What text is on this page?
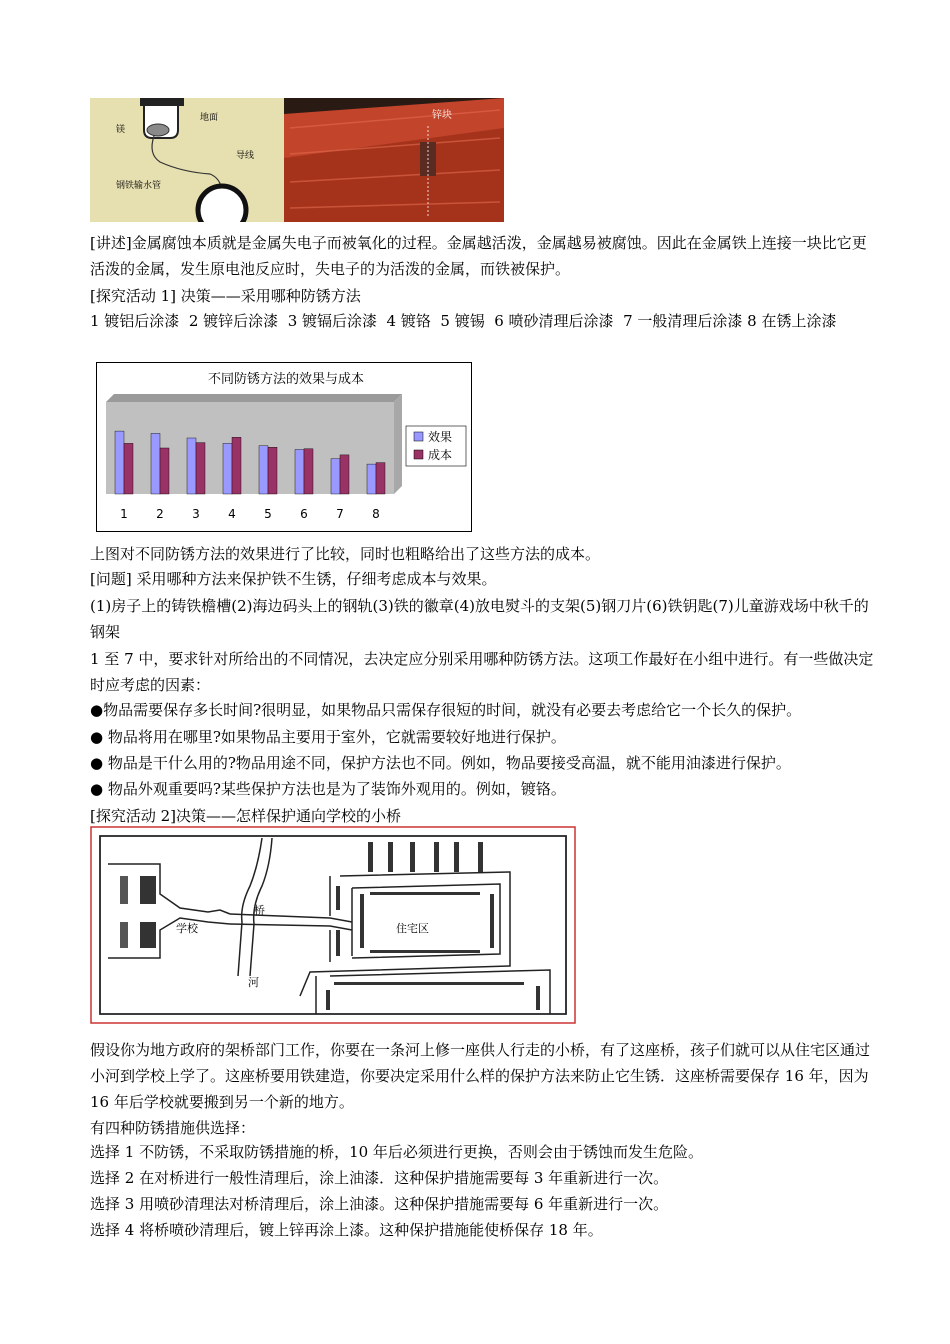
镁
地面
导线
钢铁输水管
锌块
[讲述]金属腐蚀本质就是金属失电子而被氧化的过程。金属越活泼，金属越易被腐蚀。因此在金属铁上连接一块比它更活泼的金属，发生原电池反应时，失电子的为活泼的金属，而铁被保护。
[探究活动 1] 决策——采用哪种防锈方法
1 镀铝后涂漆  2 镀锌后涂漆  3 镀镉后涂漆  4 镀铬  5 镀锡  6 喷砂清理后涂漆  7 一般清理后涂漆 8 在锈上涂漆
不同防锈方法的效果与成本
1 2 3 4 5 6 7 8
效果
成本
上图对不同防锈方法的效果进行了比较，同时也粗略给出了这些方法的成本。
[问题] 采用哪种方法来保护铁不生锈，仔细考虑成本与效果。
(1)房子上的铸铁檐槽(2)海边码头上的钢轨(3)铁的徽章(4)放电熨斗的支架(5)钢刀片(6)铁钥匙(7)儿童游戏场中秋千的钢架
1 至 7 中，要求针对所给出的不同情况，去决定应分别采用哪种防锈方法。这项工作最好在小组中进行。有一些做决定时应考虑的因素：
●物品需要保存多长时间?很明显，如果物品只需保存很短的时间，就没有必要去考虑给它一个长久的保护。
● 物品将用在哪里?如果物品主要用于室外，它就需要较好地进行保护。
● 物品是干什么用的?物品用途不同，保护方法也不同。例如，物品要接受高温，就不能用油漆进行保护。
● 物品外观重要吗?某些保护方法也是为了装饰外观用的。例如，镀铬。
[探究活动 2]决策——怎样保护通向学校的小桥
学校
河
桥
住宅区
假设你为地方政府的架桥部门工作，你要在一条河上修一座供人行走的小桥，有了这座桥，孩子们就可以从住宅区通过小河到学校上学了。这座桥要用铁建造，你要决定采用什么样的保护方法来防止它生锈．这座桥需要保存 16 年，因为 16 年后学校就要搬到另一个新的地方。
有四种防锈措施供选择：
选择 1 不防锈，不采取防锈措施的桥，10 年后必须进行更换，否则会由于锈蚀而发生危险。
选择 2 在对桥进行一般性清理后，涂上油漆．这种保护措施需要每 3 年重新进行一次。
选择 3 用喷砂清理法对桥清理后，涂上油漆。这种保护措施需要每 6 年重新进行一次。
选择 4 将桥喷砂清理后，镀上锌再涂上漆。这种保护措施能使桥保存 18 年。
